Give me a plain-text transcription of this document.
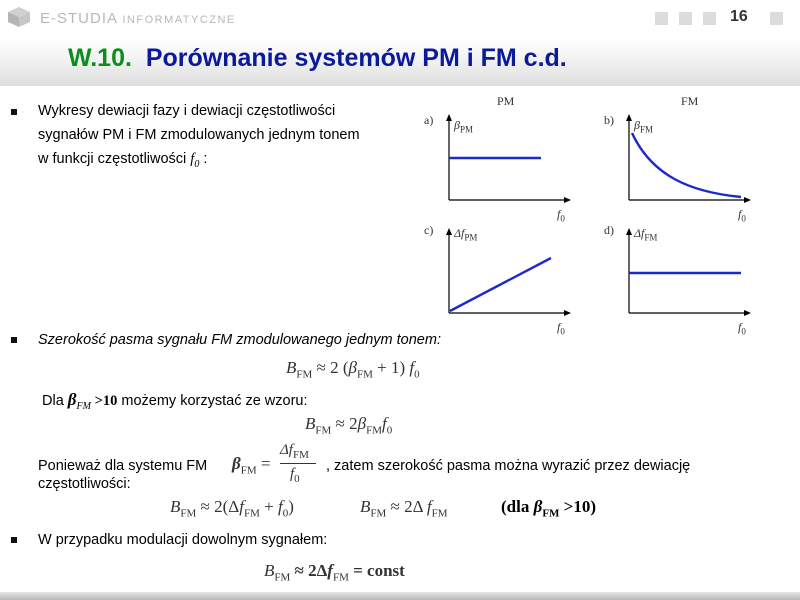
E-STUDIA INFORMATYCZNE	16
W.10. Porównanie systemów PM i FM c.d.
Wykresy dewiacji fazy i dewiacji częstotliwości
sygnałów PM i FM zmodulowanych jednym tonem
w funkcji częstotliwości $f_0$ :
PM	FM
a) $\beta_{PM}$
$f_0$
b) $\beta_{FM}$
$f_0$
c) $\Delta f_{PM}$
$f_0$
d) $\Delta f_{FM}$
$f_0$
Szerokość pasma sygnału FM zmodulowanego jednym tonem:
$B_{FM} \approx 2$ $(\beta_{FM} + 1)$ $f_0$
Dla $\beta_{FM} >10$ możemy korzystać ze wzoru:
$B_{FM} \approx 2\beta_{FM}f_0$
Ponieważ dla systemu FM $\beta_{FM}$ =
$\Delta f_{FM}$
$f_0$
, zatem szerokość pasma można wyrazić przez dewiację
częstotliwości:
$B_{FM} \approx 2(\Delta f_{FM} + f_0)$	$B_{FM} \approx 2\Delta$ $f_{FM}$	(dla $\beta_{FM} >10$)
W przypadku modulacji dowolnym sygnałem:
$B_{FM} \approx 2\Delta f_{FM}$ = const
